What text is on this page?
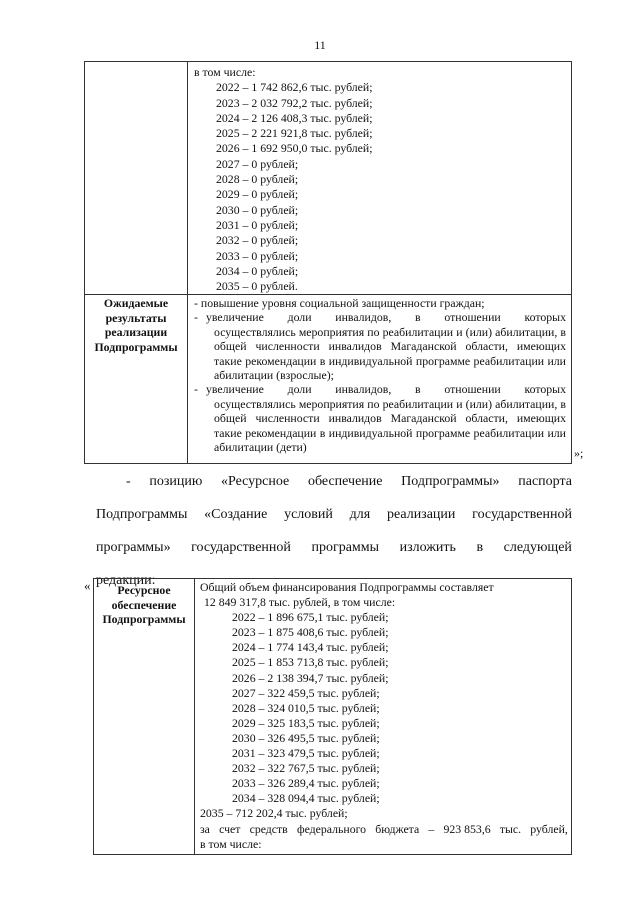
11
в том числе:
2022 – 1 742 862,6 тыс. рублей;
2023 – 2 032 792,2 тыс. рублей;
2024 – 2 126 408,3 тыс. рублей;
2025 – 2 221 921,8 тыс. рублей;
2026 – 1 692 950,0 тыс. рублей;
2027 – 0 рублей;
2028 – 0 рублей;
2029 – 0 рублей;
2030 – 0 рублей;
2031 – 0 рублей;
2032 – 0 рублей;
2033 – 0 рублей;
2034 – 0 рублей;
2035 – 0 рублей.
Ожидаемые результаты реализации Подпрограммы
- повышение уровня социальной защищенности граждан;
- увеличение доли инвалидов, в отношении которых
осуществлялись мероприятия по реабилитации и (или) абилитации, в общей численности инвалидов Магаданской области, имеющих такие рекомендации в индивидуальной программе реабилитации или абилитации (взрослые);
- увеличение доли инвалидов, в отношении которых
осуществлялись мероприятия по реабилитации и (или) абилитации, в общей численности инвалидов Магаданской области, имеющих такие рекомендации в индивидуальной программе реабилитации или абилитации (дети)	»;
- позицию «Ресурсное обеспечение Подпрограммы» паспорта
Подпрограммы «Создание условий для реализации государственной
программы» государственной программы изложить в следующей
редакции:
«	Ресурсное обеспечение Подпрограммы
Общий объем финансирования Подпрограммы составляет
12 849 317,8 тыс. рублей, в том числе:
2022 – 1 896 675,1 тыс. рублей;
2023 – 1 875 408,6 тыс. рублей;
2024 – 1 774 143,4 тыс. рублей;
2025 – 1 853 713,8 тыс. рублей;
2026 – 2 138 394,7 тыс. рублей;
2027 – 322 459,5 тыс. рублей;
2028 – 324 010,5 тыс. рублей;
2029 – 325 183,5 тыс. рублей;
2030 – 326 495,5 тыс. рублей;
2031 – 323 479,5 тыс. рублей;
2032 – 322 767,5 тыс. рублей;
2033 – 326 289,4 тыс. рублей;
2034 – 328 094,4 тыс. рублей;
2035 – 712 202,4 тыс. рублей;
за счет средств федерального бюджета – 923 853,6 тыс. рублей,
в том числе:
